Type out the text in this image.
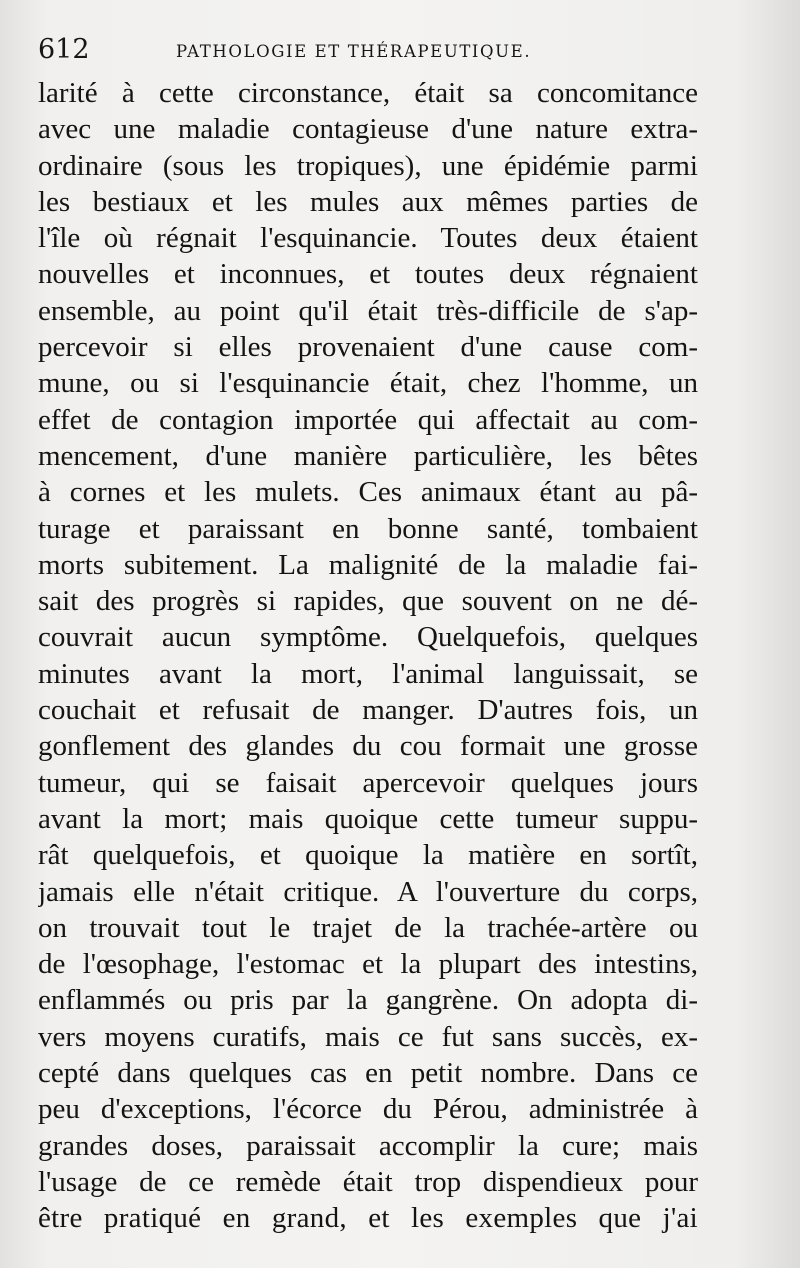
612	PATHOLOGIE ET THÉRAPEUTIQUE.
larité à cette circonstance, était sa concomitance
avec une maladie contagieuse d'une nature extra-
ordinaire (sous les tropiques), une épidémie parmi
les bestiaux et les mules aux mêmes parties de
l'île où régnait l'esquinancie. Toutes deux étaient
nouvelles et inconnues, et toutes deux régnaient
ensemble, au point qu'il était très-difficile de s'ap-
percevoir si elles provenaient d'une cause com-
mune, ou si l'esquinancie était, chez l'homme, un
effet de contagion importée qui affectait au com-
mencement, d'une manière particulière, les bêtes
à cornes et les mulets. Ces animaux étant au pâ-
turage et paraissant en bonne santé, tombaient
morts subitement. La malignité de la maladie fai-
sait des progrès si rapides, que souvent on ne dé-
couvrait aucun symptôme. Quelquefois, quelques
minutes avant la mort, l'animal languissait, se
couchait et refusait de manger. D'autres fois, un
gonflement des glandes du cou formait une grosse
tumeur, qui se faisait apercevoir quelques jours
avant la mort; mais quoique cette tumeur suppu-
rât quelquefois, et quoique la matière en sortît,
jamais elle n'était critique. A l'ouverture du corps,
on trouvait tout le trajet de la trachée-artère ou
de l'œsophage, l'estomac et la plupart des intestins,
enflammés ou pris par la gangrène. On adopta di-
vers moyens curatifs, mais ce fut sans succès, ex-
cepté dans quelques cas en petit nombre. Dans ce
peu d'exceptions, l'écorce du Pérou, administrée à
grandes doses, paraissait accomplir la cure; mais
l'usage de ce remède était trop dispendieux pour
être pratiqué en grand, et les exemples que j'ai
